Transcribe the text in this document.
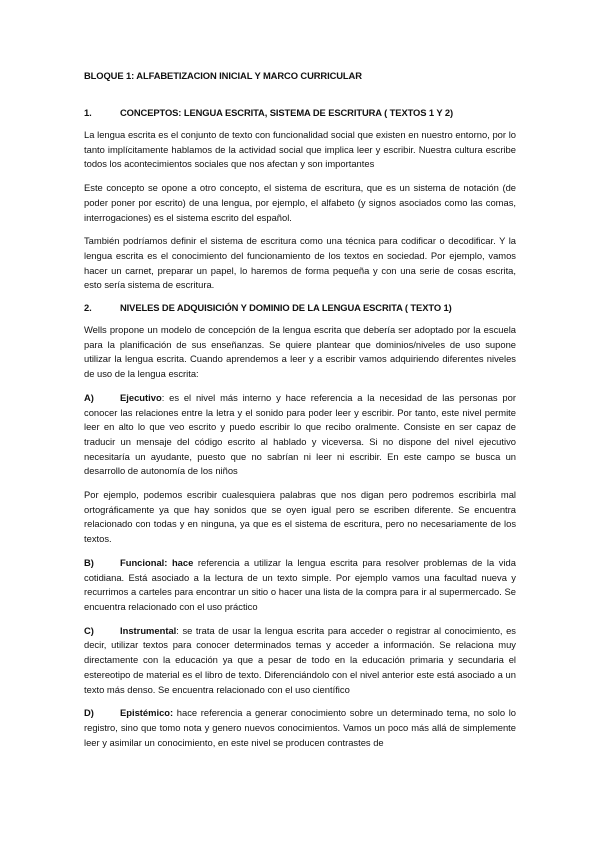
BLOQUE 1: ALFABETIZACION INICIAL Y MARCO CURRICULAR
1.	CONCEPTOS: LENGUA ESCRITA, SISTEMA DE ESCRITURA ( TEXTOS 1 Y 2)

La lengua escrita es el conjunto de texto con funcionalidad social que existen en nuestro entorno, por lo tanto implícitamente hablamos de la actividad social que implica leer y escribir. Nuestra cultura escribe todos los acontecimientos sociales que nos afectan y son importantes

Este concepto se opone a otro concepto, el sistema de escritura, que es un sistema de notación (de poder poner por escrito) de una lengua, por ejemplo, el alfabeto (y signos asociados como las comas, interrogaciones) es el sistema escrito del español.

También podríamos definir el sistema de escritura como una técnica para codificar o decodificar. Y la lengua escrita es el conocimiento del funcionamiento de los textos en sociedad. Por ejemplo, vamos hacer un carnet, preparar un papel, lo haremos de forma pequeña y con una serie de cosas escrita, esto sería sistema de escritura.

2.	NIVELES DE ADQUISICIÓN Y DOMINIO DE LA LENGUA ESCRITA ( TEXTO 1)

Wells propone un modelo de concepción de la lengua escrita que debería ser adoptado por la escuela para la planificación de sus enseñanzas. Se quiere plantear que dominios/niveles de uso supone utilizar la lengua escrita. Cuando aprendemos a leer y a escribir vamos adquiriendo diferentes niveles de uso de la lengua escrita:

A)	Ejecutivo: es el nivel más interno y hace referencia a la necesidad de las personas por conocer las relaciones entre la letra y el sonido para poder leer y escribir. Por tanto, este nivel permite leer en alto lo que veo escrito y puedo escribir lo que recibo oralmente. Consiste en ser capaz de traducir un mensaje del código escrito al hablado y viceversa. Si no dispone del nivel ejecutivo necesitaría un ayudante, puesto que no sabrían ni leer ni escribir. En este campo se busca un desarrollo de autonomía de los niños

Por ejemplo, podemos escribir cualesquiera palabras que nos digan pero podremos escribirla mal ortográficamente ya que hay sonidos que se oyen igual pero se escriben diferente. Se encuentra relacionado con todas y en ninguna, ya que es el sistema de escritura, pero no necesariamente de los textos.

B)	Funcional: hace referencia a utilizar la lengua escrita para resolver problemas de la vida cotidiana. Está asociado a la lectura de un texto simple. Por ejemplo vamos una facultad nueva y recurrimos a carteles para encontrar un sitio o hacer una lista de la compra para ir al supermercado. Se encuentra relacionado con el uso práctico

C)	Instrumental: se trata de usar la lengua escrita para acceder o registrar al conocimiento, es decir, utilizar textos para conocer determinados temas y acceder a información. Se relaciona muy directamente con la educación ya que a pesar de todo en la educación primaria y secundaria el estereotipo de material es el libro de texto. Diferenciándolo con el nivel anterior este está asociado a un texto más denso. Se encuentra relacionado con el uso científico

D)	Epistémico: hace referencia a generar conocimiento sobre un determinado tema, no solo lo registro, sino que tomo nota y genero nuevos conocimientos. Vamos un poco más allá de simplemente leer y asimilar un conocimiento, en este nivel se producen contrastes de
